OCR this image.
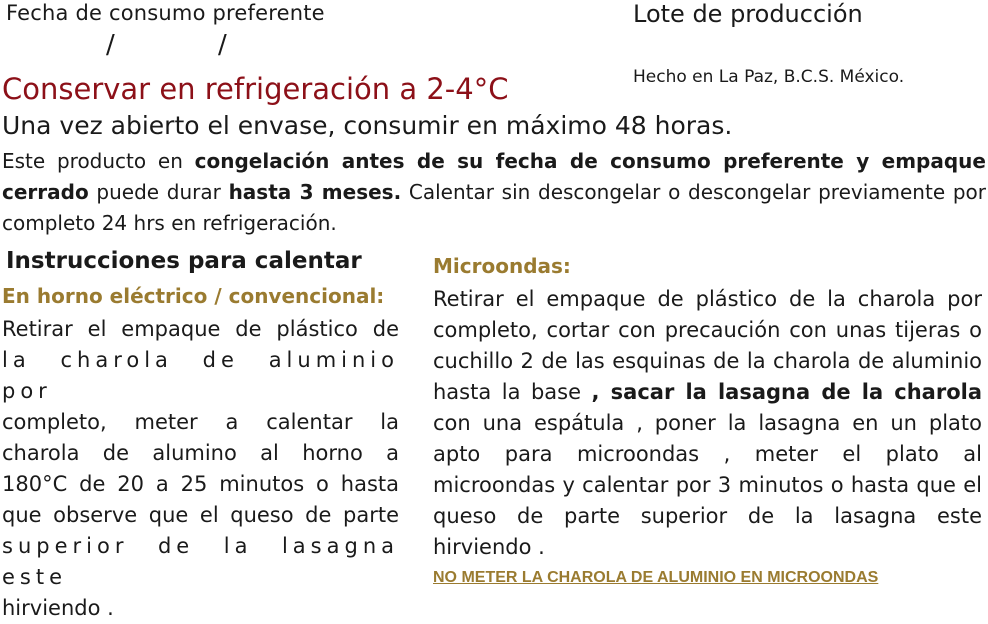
Fecha de consumo preferente
/	/
Lote de producción
Hecho en La Paz, B.C.S. México.
Conservar en refrigeración a 2-4°C
Una vez abierto el envase, consumir en máximo 48 horas.
Este producto en congelación antes de su fecha de consumo preferente y empaque cerrado puede durar hasta 3 meses. Calentar sin descongelar o descongelar previamente por completo 24 hrs en refrigeración.
Instrucciones para calentar
En horno eléctrico / convencional:
Retirar el empaque de plástico de
la charola de aluminio por
completo, meter a calentar la
charola de alumino al horno a
180°C de 20 a 25 minutos o hasta
que observe que el queso de parte
superior de la lasagna este
hirviendo .
Microondas:
Retirar el empaque de plástico de la charola por completo, cortar con precaución con unas tijeras o cuchillo 2 de las esquinas de la charola de aluminio hasta la base , sacar la lasagna de la charola con una espátula , poner la lasagna en un plato apto para microondas , meter el plato al microondas y calentar por 3 minutos o hasta que el queso de parte superior de la lasagna este hirviendo .
NO METER LA CHAROLA DE ALUMINIO EN MICROONDAS
